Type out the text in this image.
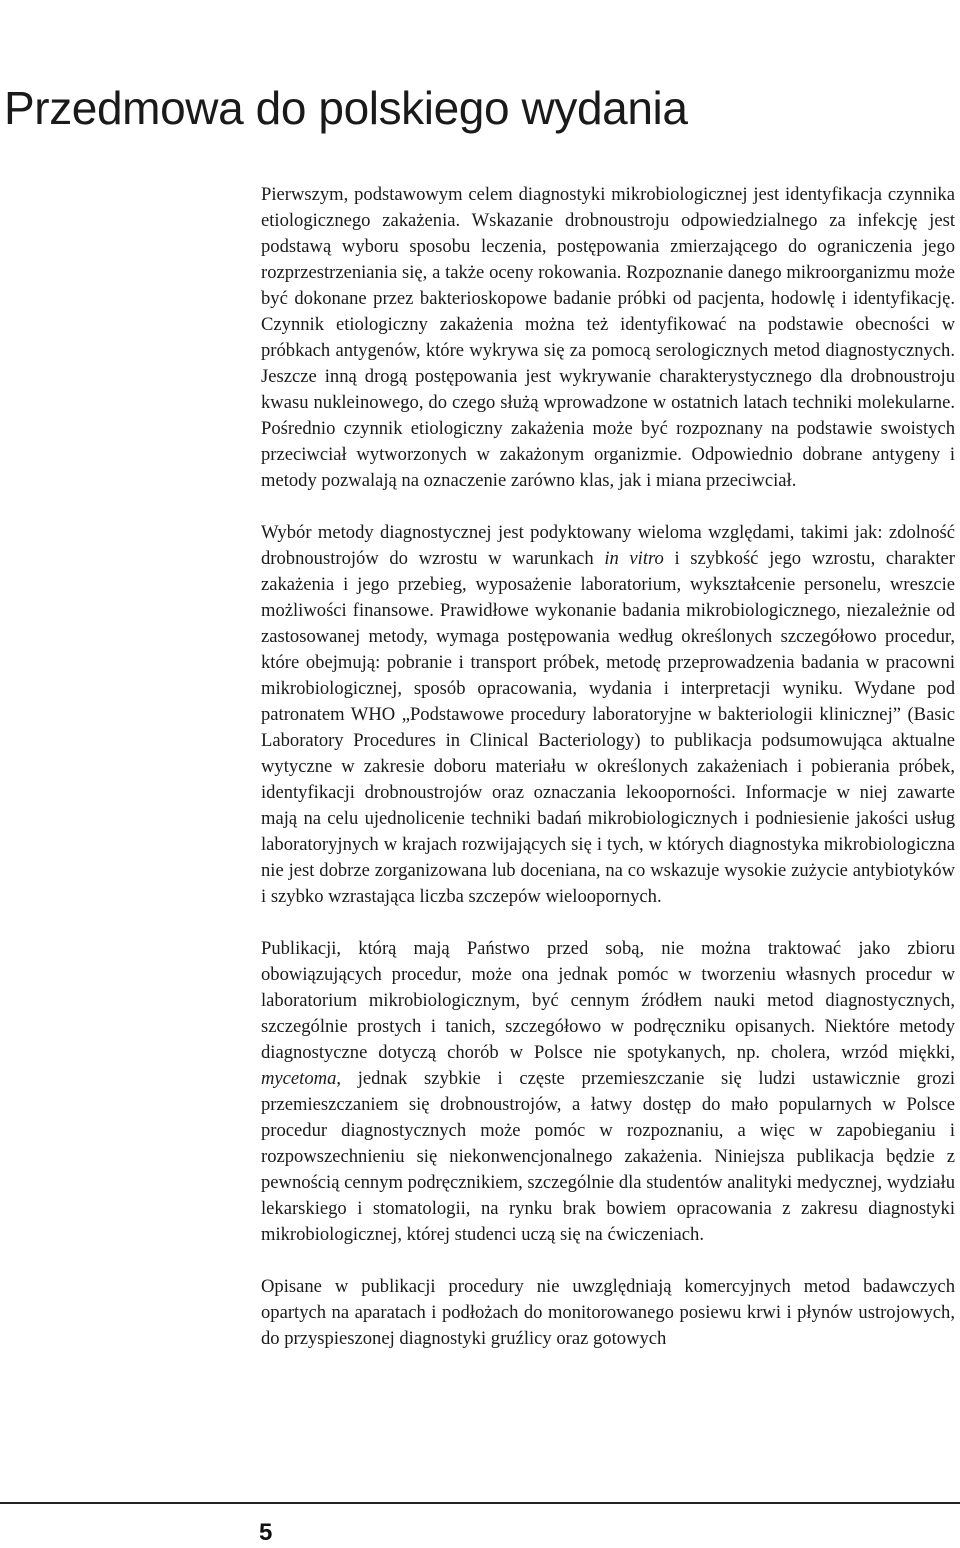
Przedmowa do polskiego wydania

Pierwszym, podstawowym celem diagnostyki mikrobiologicznej jest identyfikacja czynnika etiologicznego zakażenia. Wskazanie drobnoustroju odpowiedzialnego za infekcję jest podstawą wyboru sposobu leczenia, postępowania zmierzającego do ograniczenia jego rozprzestrzeniania się, a także oceny rokowania. Rozpoznanie danego mikroorganizmu może być dokonane przez bakterioskopowe badanie próbki od pacjenta, hodowlę i identyfikację. Czynnik etiologiczny zakażenia można też identyfikować na podstawie obecności w próbkach antygenów, które wykrywa się za pomocą serologicznych metod diagnostycznych. Jeszcze inną drogą postępowania jest wykrywanie charakterystycznego dla drobnoustroju kwasu nukleinowego, do czego służą wprowadzone w ostatnich latach techniki molekularne. Pośrednio czynnik etiologiczny zakażenia może być rozpoznany na podstawie swoistych przeciwciał wytworzonych w zakażonym organizmie. Odpowiednio dobrane antygeny i metody pozwalają na oznaczenie zarówno klas, jak i miana przeciwciał.

Wybór metody diagnostycznej jest podyktowany wieloma względami, takimi jak: zdolność drobnoustrojów do wzrostu w warunkach in vitro i szybkość jego wzrostu, charakter zakażenia i jego przebieg, wyposażenie laboratorium, wykształcenie personelu, wreszcie możliwości finansowe. Prawidłowe wykonanie badania mikrobiologicznego, niezależnie od zastosowanej metody, wymaga postępowania według określonych szczegółowo procedur, które obejmują: pobranie i transport próbek, metodę przeprowadzenia badania w pracowni mikrobiologicznej, sposób opracowania, wydania i interpretacji wyniku. Wydane pod patronatem WHO „Podstawowe procedury laboratoryjne w bakteriologii klinicznej” (Basic Laboratory Procedures in Clinical Bacteriology) to publikacja podsumowująca aktualne wytyczne w zakresie doboru materiału w określonych zakażeniach i pobierania próbek, identyfikacji drobnoustrojów oraz oznaczania lekooporności. Informacje w niej zawarte mają na celu ujednolicenie techniki badań mikrobiologicznych i podniesienie jakości usług laboratoryjnych w krajach rozwijających się i tych, w których diagnostyka mikrobiologiczna nie jest dobrze zorganizowana lub doceniana, na co wskazuje wysokie zużycie antybiotyków i szybko wzrastająca liczba szczepów wieloopornych.

Publikacji, którą mają Państwo przed sobą, nie można traktować jako zbioru obowiązujących procedur, może ona jednak pomóc w tworzeniu własnych procedur w laboratorium mikrobiologicznym, być cennym źródłem nauki metod diagnostycznych, szczególnie prostych i tanich, szczegółowo w podręczniku opisanych. Niektóre metody diagnostyczne dotyczą chorób w Polsce nie spotykanych, np. cholera, wrzód miękki, mycetoma, jednak szybkie i częste przemieszczanie się ludzi ustawicznie grozi przemieszczaniem się drobnoustrojów, a łatwy dostęp do mało popularnych w Polsce procedur diagnostycznych może pomóc w rozpoznaniu, a więc w zapobieganiu i rozpowszechnieniu się niekonwencjonalnego zakażenia. Niniejsza publikacja będzie z pewnością cennym podręcznikiem, szczególnie dla studentów analityki medycznej, wydziału lekarskiego i stomatologii, na rynku brak bowiem opracowania z zakresu diagnostyki mikrobiologicznej, której studenci uczą się na ćwiczeniach.

Opisane w publikacji procedury nie uwzględniają komercyjnych metod badawczych opartych na aparatach i podłożach do monitorowanego posiewu krwi i płynów ustrojowych, do przyspieszonej diagnostyki gruźlicy oraz gotowych

5
